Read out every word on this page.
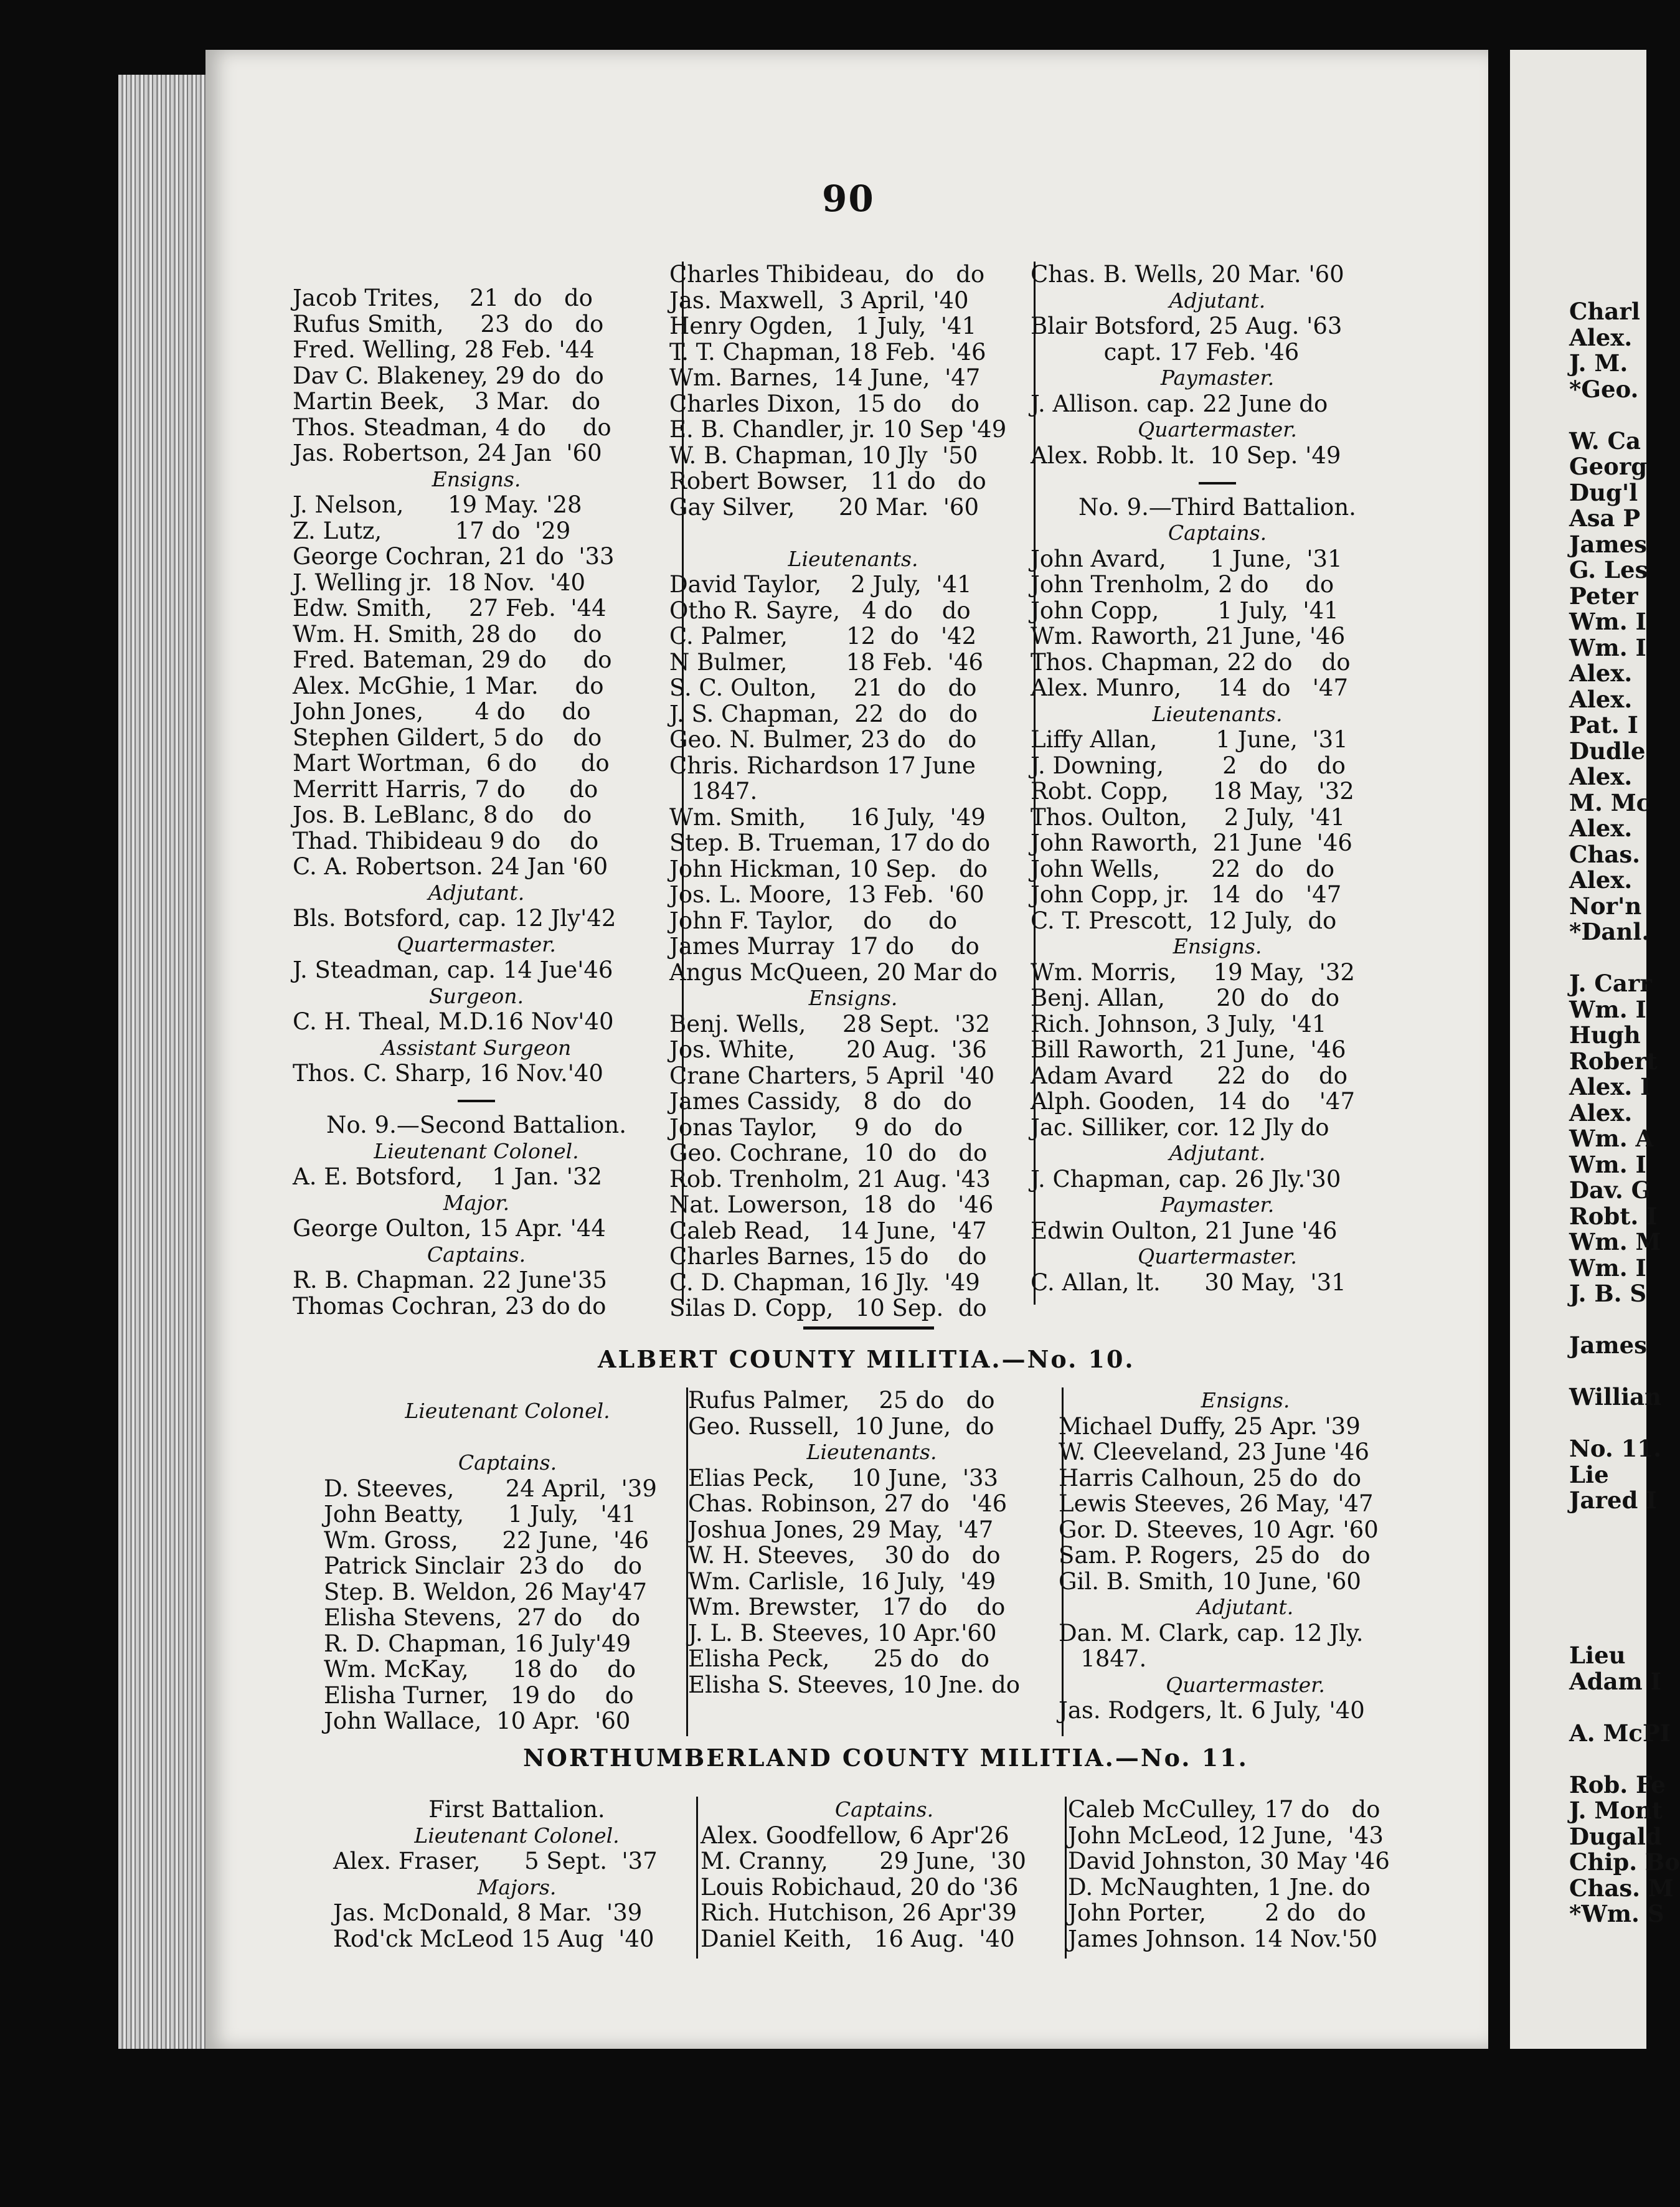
Charl
Alex.
J. M.
*Geo.
W. Ca
Georg
Dug'l
Asa P
James
G. Les
Peter
Wm. I
Wm. I
Alex.
Alex.
Pat. I
Dudle
Alex.
M. Mc
Alex.
Chas.
Alex.
Nor'n
*Danl.
J. Carr
Wm. I
Hugh
Robert
Alex. I
Alex.
Wm. A
Wm. I
Dav. G
Robt. I
Wm. M
Wm. I
J. B. S
James
Willian
No. 11.
Lie
Jared I
Lieu
Adam I
A. McPI
Rob. Fe
J. Mont
Dugald
Chip. Bo
Chas. M
*Wm. S
90
Jacob Trites,    21  do   do
Rufus Smith,     23  do   do
Fred. Welling, 28 Feb. '44
Dav C. Blakeney, 29 do  do
Martin Beek,    3 Mar.   do
Thos. Steadman, 4 do     do
Jas. Robertson, 24 Jan  '60
Ensigns.
J. Nelson,      19 May. '28
Z. Lutz,          17 do  '29
George Cochran, 21 do  '33
J. Welling jr.  18 Nov.  '40
Edw. Smith,     27 Feb.  '44
Wm. H. Smith, 28 do     do
Fred. Bateman, 29 do     do
Alex. McGhie, 1 Mar.     do
John Jones,       4 do     do
Stephen Gildert, 5 do    do
Mart Wortman,  6 do      do
Merritt Harris, 7 do      do
Jos. B. LeBlanc, 8 do    do
Thad. Thibideau 9 do    do
C. A. Robertson. 24 Jan '60
Adjutant.
Bls. Botsford, cap. 12 Jly'42
Quartermaster.
J. Steadman, cap. 14 Jue'46
Surgeon.
C. H. Theal, M.D.16 Nov'40
Assistant Surgeon
Thos. C. Sharp, 16 Nov.'40
No. 9.—Second Battalion.
Lieutenant Colonel.
A. E. Botsford,    1 Jan. '32
Major.
George Oulton, 15 Apr. '44
Captains.
R. B. Chapman. 22 June'35
Thomas Cochran, 23 do do
Charles Thibideau,  do   do
Jas. Maxwell,  3 April, '40
Henry Ogden,   1 July,  '41
T. T. Chapman, 18 Feb.  '46
Wm. Barnes,  14 June,  '47
Charles Dixon,  15 do    do
E. B. Chandler, jr. 10 Sep '49
W. B. Chapman, 10 Jly  '50
Robert Bowser,   11 do   do
Gay Silver,      20 Mar.  '60
Lieutenants.
David Taylor,    2 July,  '41
Otho R. Sayre,   4 do    do
C. Palmer,        12  do   '42
N Bulmer,        18 Feb.  '46
S. C. Oulton,     21  do   do
J. S. Chapman,  22  do   do
Geo. N. Bulmer, 23 do   do
Chris. Richardson 17 June
1847.
Wm. Smith,      16 July,  '49
Step. B. Trueman, 17 do do
John Hickman, 10 Sep.   do
Jos. L. Moore,  13 Feb.  '60
John F. Taylor,    do     do
James Murray  17 do     do
Angus McQueen, 20 Mar do
Ensigns.
Benj. Wells,     28 Sept.  '32
Jos. White,       20 Aug.  '36
Crane Charters, 5 April  '40
James Cassidy,   8  do   do
Jonas Taylor,     9  do   do
Geo. Cochrane,  10  do   do
Rob. Trenholm, 21 Aug. '43
Nat. Lowerson,  18  do   '46
Caleb Read,    14 June,  '47
Charles Barnes, 15 do    do
C. D. Chapman, 16 Jly.  '49
Silas D. Copp,   10 Sep.  do
Chas. B. Wells, 20 Mar. '60
Adjutant.
Blair Botsford, 25 Aug. '63
capt. 17 Feb. '46
Paymaster.
J. Allison. cap. 22 June do
Quartermaster.
Alex. Robb. lt.  10 Sep. '49
No. 9.—Third Battalion.
Captains.
John Avard,      1 June,  '31
John Trenholm, 2 do     do
John Copp,        1 July,  '41
Wm. Raworth, 21 June, '46
Thos. Chapman, 22 do    do
Alex. Munro,     14  do   '47
Lieutenants.
Liffy Allan,        1 June,  '31
J. Downing,        2   do    do
Robt. Copp,      18 May,  '32
Thos. Oulton,     2 July,  '41
John Raworth,  21 June  '46
John Wells,       22  do   do
John Copp, jr.   14  do   '47
C. T. Prescott,  12 July,  do
Ensigns.
Wm. Morris,     19 May,  '32
Benj. Allan,       20  do   do
Rich. Johnson, 3 July,  '41
Bill Raworth,  21 June,  '46
Adam Avard      22  do    do
Alph. Gooden,   14  do    '47
Jac. Silliker, cor. 12 Jly do
Adjutant.
J. Chapman, cap. 26 Jly.'30
Paymaster.
Edwin Oulton, 21 June '46
Quartermaster.
C. Allan, lt.      30 May,  '31
ALBERT COUNTY MILITIA.—No. 10.
Lieutenant Colonel.
Captains.
D. Steeves,       24 April,  '39
John Beatty,      1 July,   '41
Wm. Gross,      22 June,  '46
Patrick Sinclair  23 do    do
Step. B. Weldon, 26 May'47
Elisha Stevens,  27 do    do
R. D. Chapman, 16 July'49
Wm. McKay,      18 do    do
Elisha Turner,   19 do    do
John Wallace,  10 Apr.  '60
Rufus Palmer,    25 do   do
Geo. Russell,  10 June,  do
Lieutenants.
Elias Peck,     10 June,  '33
Chas. Robinson, 27 do   '46
Joshua Jones, 29 May,  '47
W. H. Steeves,    30 do   do
Wm. Carlisle,  16 July,  '49
Wm. Brewster,   17 do    do
J. L. B. Steeves, 10 Apr.'60
Elisha Peck,      25 do   do
Elisha S. Steeves, 10 Jne. do
Ensigns.
Michael Duffy, 25 Apr. '39
W. Cleeveland, 23 June '46
Harris Calhoun, 25 do  do
Lewis Steeves, 26 May, '47
Gor. D. Steeves, 10 Agr. '60
Sam. P. Rogers,  25 do   do
Gil. B. Smith, 10 June, '60
Adjutant.
Dan. M. Clark, cap. 12 Jly.
1847.
Quartermaster.
Jas. Rodgers, lt. 6 July, '40
NORTHUMBERLAND COUNTY MILITIA.—No. 11.
First Battalion.
Lieutenant Colonel.
Alex. Fraser,      5 Sept.  '37
Majors.
Jas. McDonald, 8 Mar.  '39
Rod'ck McLeod 15 Aug  '40
Captains.
Alex. Goodfellow, 6 Apr'26
M. Cranny,       29 June,  '30
Louis Robichaud, 20 do '36
Rich. Hutchison, 26 Apr'39
Daniel Keith,   16 Aug.  '40
Caleb McCulley, 17 do   do
John McLeod, 12 June,  '43
David Johnston, 30 May '46
D. McNaughten, 1 Jne. do
John Porter,        2 do   do
James Johnson. 14 Nov.'50
